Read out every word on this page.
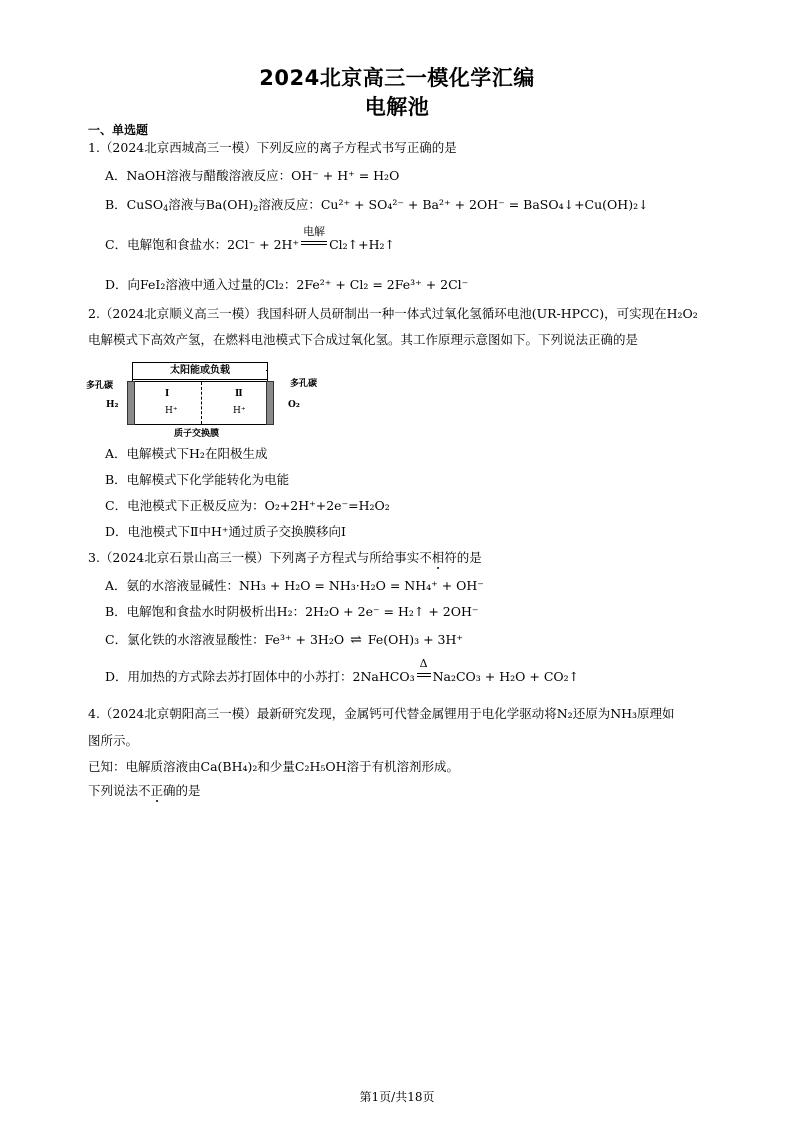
2024北京高三一模化学汇编
电解池
一、单选题
1.（2024北京西城高三一模）下列反应的离子方程式书写正确的是
A．NaOH溶液与醋酸溶液反应：OH⁻ + H⁺ = H₂O
B．CuSO$_4$溶液与$Ba(OH)_2$溶液反应：Cu²⁺ + SO₄²⁻ + Ba²⁺ + 2OH⁻ = BaSO₄↓+Cu(OH)₂↓
C．电解饱和食盐水：2Cl⁻ + 2H⁺
电解
Cl₂↑+H₂↑
D．向FeI₂溶液中通入过量的Cl₂：2Fe²⁺ + Cl₂ = 2Fe³⁺ + 2Cl⁻
2.（2024北京顺义高三一模）我国科研人员研制出一种一体式过氧化氢循环电池(UR-HPCC)，可实现在H₂O₂
电解模式下高效产氢，在燃料电池模式下合成过氧化氢。其工作原理示意图如下。下列说法正确的是
太阳能或负载
Ⅰ
H⁺
Ⅱ
H⁺
多孔碳
H₂
多孔碳
O₂
质子交换膜
A．电解模式下H₂在阳极生成
B．电解模式下化学能转化为电能
C．电池模式下正极反应为：O₂+2H⁺+2e⁻=H₂O₂
D．电池模式下Ⅱ中H⁺通过质子交换膜移向Ⅰ
3.（2024北京石景山高三一模）下列离子方程式与所给事实不相符的是
A．氨的水溶液显碱性：NH₃ + H₂O = NH₃·H₂O = NH₄⁺ + OH⁻
B．电解饱和食盐水时阴极析出H₂：2H₂O + 2e⁻ = H₂↑ + 2OH⁻
C．氯化铁的水溶液显酸性：Fe³⁺ + 3H₂O ⇌ Fe(OH)₃ + 3H⁺
D．用加热的方式除去苏打固体中的小苏打：2NaHCO₃
Δ
Na₂CO₃ + H₂O + CO₂↑
4.（2024北京朝阳高三一模）最新研究发现，金属钙可代替金属锂用于电化学驱动将N₂还原为NH₃原理如
图所示。
已知：电解质溶液由Ca(BH₄)₂和少量C₂H₅OH溶于有机溶剂形成。
下列说法不正确的是
第1页/共18页
